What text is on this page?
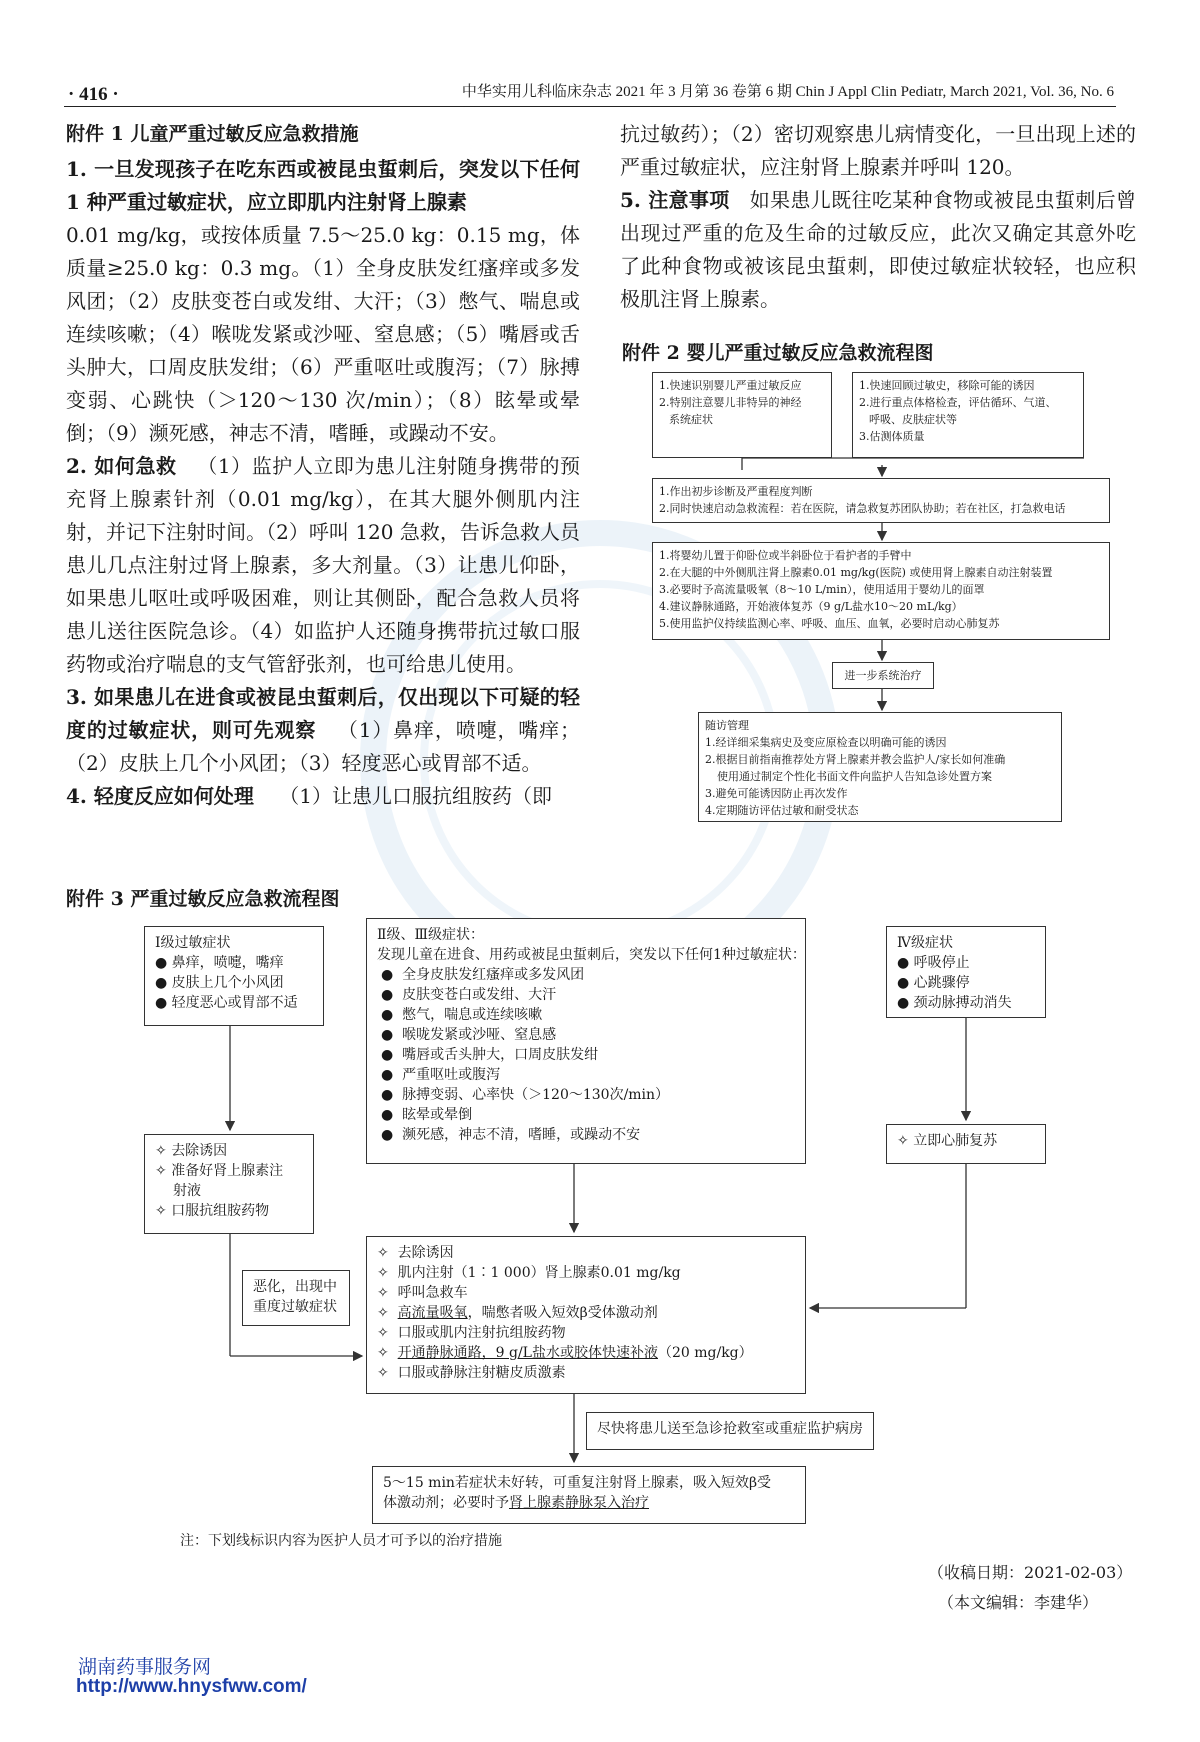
· 416 ·	中华实用儿科临床杂志 2021 年 3 月第 36 卷第 6 期 Chin J Appl Clin Pediatr, March 2021, Vol. 36, No. 6

附件 1 儿童严重过敏反应急救措施

1. 一旦发现孩子在吃东西或被昆虫蜇刺后，突发以下任何 1 种严重过敏症状，应立即肌内注射肾上腺素

0.01 mg/kg，或按体质量 7.5～25.0 kg：0.15 mg，体质量≥25.0 kg：0.3 mg。（1）全身皮肤发红瘙痒或多发风团；（2）皮肤变苍白或发绀、大汗；（3）憋气、喘息或连续咳嗽；（4）喉咙发紧或沙哑、窒息感；（5）嘴唇或舌头肿大，口周皮肤发绀；（6）严重呕吐或腹泻；（7）脉搏变弱、心跳快（＞120～130 次/min）；（8）眩晕或晕倒；（9）濒死感，神志不清，嗜睡，或躁动不安。

2. 如何急救 （1）监护人立即为患儿注射随身携带的预充肾上腺素针剂（0.01 mg/kg），在其大腿外侧肌内注射，并记下注射时间。（2）呼叫 120 急救，告诉急救人员患儿几点注射过肾上腺素，多大剂量。（3）让患儿仰卧，如果患儿呕吐或呼吸困难，则让其侧卧，配合急救人员将患儿送往医院急诊。（4）如监护人还随身携带抗过敏口服药物或治疗喘息的支气管舒张剂，也可给患儿使用。

3. 如果患儿在进食或被昆虫蜇刺后，仅出现以下可疑的轻度的过敏症状，则可先观察 （1）鼻痒，喷嚏，嘴痒；（2）皮肤上几个小风团；（3）轻度恶心或胃部不适。

4. 轻度反应如何处理 （1）让患儿口服抗组胺药（即

抗过敏药）；（2）密切观察患儿病情变化，一旦出现上述的严重过敏症状，应注射肾上腺素并呼叫 120。

5. 注意事项 如果患儿既往吃某种食物或被昆虫蜇刺后曾出现过严重的危及生命的过敏反应，此次又确定其意外吃了此种食物或被该昆虫蜇刺，即使过敏症状较轻，也应积极肌注肾上腺素。

附件 2 婴儿严重过敏反应急救流程图
1.快速识别婴儿严重过敏反应
2.特别注意婴儿非特异的神经
系统症状
1.快速回顾过敏史，移除可能的诱因
2.进行重点体格检查，评估循环、气道、
呼吸、皮肤症状等
3.估测体质量
1.作出初步诊断及严重程度判断
2.同时快速启动急救流程：若在医院，请急救复苏团队协助；若在社区，打急救电话
1.将婴幼儿置于仰卧位或半斜卧位于看护者的手臂中
2.在大腿的中外侧肌注肾上腺素0.01 mg/kg(医院) 或使用肾上腺素自动注射装置
3.必要时予高流量吸氧（8～10 L/min），使用适用于婴幼儿的面罩
4.建议静脉通路，开始液体复苏（9 g/L盐水10～20 mL/kg）
5.使用监护仪持续监测心率、呼吸、血压、血氧，必要时启动心肺复苏
进一步系统治疗
随访管理
1.经详细采集病史及变应原检查以明确可能的诱因
2.根据目前指南推荐处方肾上腺素并教会监护人/家长如何准确
使用通过制定个性化书面文件向监护人告知急诊处置方案
3.避免可能诱因防止再次发作
4.定期随访评估过敏和耐受状态
附件 3 严重过敏反应急救流程图
Ⅰ级过敏症状
● 鼻痒，喷嚏，嘴痒
● 皮肤上几个小风团
● 轻度恶心或胃部不适
Ⅱ级、Ⅲ级症状：
发现儿童在进食、用药或被昆虫蜇刺后，突发以下任何1种过敏症状：
●  全身皮肤发红瘙痒或多发风团
●  皮肤变苍白或发绀、大汗
●  憋气，喘息或连续咳嗽
●  喉咙发紧或沙哑、窒息感
●  嘴唇或舌头肿大，口周皮肤发绀
●  严重呕吐或腹泻
●  脉搏变弱、心率快（＞120～130次/min）
●  眩晕或晕倒
●  濒死感，神志不清，嗜睡，或躁动不安
Ⅳ级症状
● 呼吸停止
● 心跳骤停
● 颈动脉搏动消失
✧ 去除诱因
✧ 准备好肾上腺素注
射液
✧ 口服抗组胺药物
✧ 立即心肺复苏
恶化，出现中
重度过敏症状
✧  去除诱因
✧  肌内注射（1∶1 000）肾上腺素0.01 mg/kg
✧  呼叫急救车
✧  高流量吸氧，喘憋者吸入短效β受体激动剂
✧  口服或肌内注射抗组胺药物
✧  开通静脉通路，9 g/L盐水或胶体快速补液（20 mg/kg）
✧  口服或静脉注射糖皮质激素
尽快将患儿送至急诊抢救室或重症监护病房
5～15 min若症状未好转，可重复注射肾上腺素，吸入短效β受
体激动剂；必要时予肾上腺素静脉泵入治疗
注：下划线标识内容为医护人员才可予以的治疗措施
（收稿日期：2021-02-03）
（本文编辑：李建华）
湖南药事服务网
http://www.hnysfww.com/
